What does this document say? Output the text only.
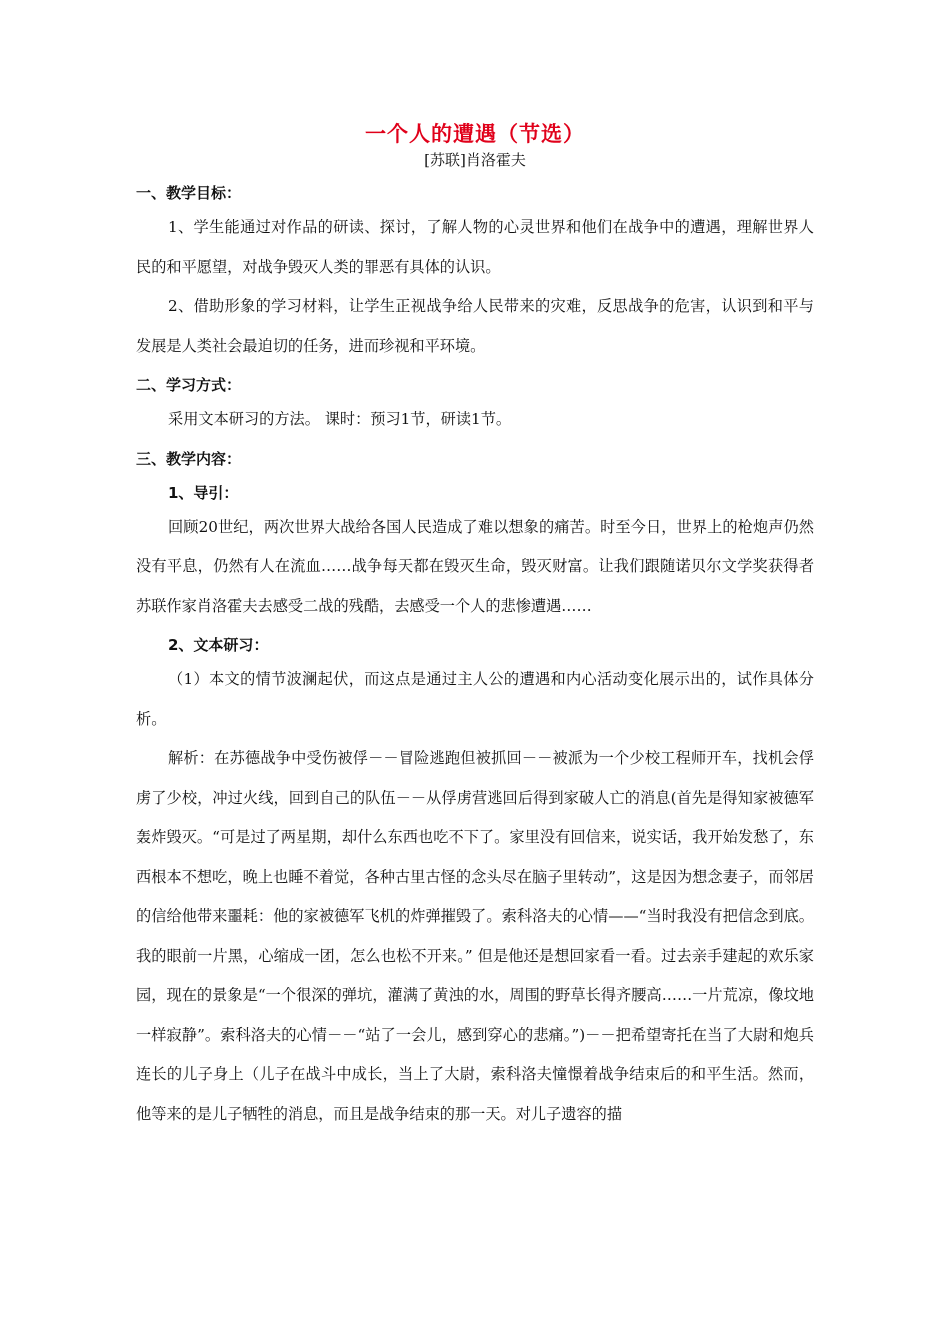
一个人的遭遇（节选）

[苏联]肖洛霍夫

一、教学目标：

1、学生能通过对作品的研读、探讨，了解人物的心灵世界和他们在战争中的遭遇，理解世界人民的和平愿望，对战争毁灭人类的罪恶有具体的认识。

2、借助形象的学习材料，让学生正视战争给人民带来的灾难，反思战争的危害，认识到和平与发展是人类社会最迫切的任务，进而珍视和平环境。

二、学习方式：

采用文本研习的方法。 课时：预习1节，研读1节。

三、教学内容：

1、导引：

回顾20世纪，两次世界大战给各国人民造成了难以想象的痛苦。时至今日，世界上的枪炮声仍然没有平息，仍然有人在流血……战争每天都在毁灭生命，毁灭财富。让我们跟随诺贝尔文学奖获得者苏联作家肖洛霍夫去感受二战的残酷，去感受一个人的悲惨遭遇……

2、文本研习：

（1）本文的情节波澜起伏，而这点是通过主人公的遭遇和内心活动变化展示出的，试作具体分析。

解析：在苏德战争中受伤被俘－－冒险逃跑但被抓回－－被派为一个少校工程师开车，找机会俘虏了少校，冲过火线，回到自己的队伍－－从俘虏营逃回后得到家破人亡的消息(首先是得知家被德军轰炸毁灭。“可是过了两星期，却什么东西也吃不下了。家里没有回信来，说实话，我开始发愁了，东西根本不想吃，晚上也睡不着觉，各种古里古怪的念头尽在脑子里转动”，这是因为想念妻子，而邻居的信给他带来噩耗：他的家被德军飞机的炸弹摧毁了。索科洛夫的心情——“当时我没有把信念到底。我的眼前一片黑，心缩成一团，怎么也松不开来。” 但是他还是想回家看一看。过去亲手建起的欢乐家园，现在的景象是“一个很深的弹坑，灌满了黄浊的水，周围的野草长得齐腰高……一片荒凉，像坟地一样寂静”。索科洛夫的心情－－“站了一会儿，感到穿心的悲痛。”)－－把希望寄托在当了大尉和炮兵连长的儿子身上（儿子在战斗中成长，当上了大尉，索科洛夫憧憬着战争结束后的和平生活。然而，他等来的是儿子牺牲的消息，而且是战争结束的那一天。对儿子遗容的描
